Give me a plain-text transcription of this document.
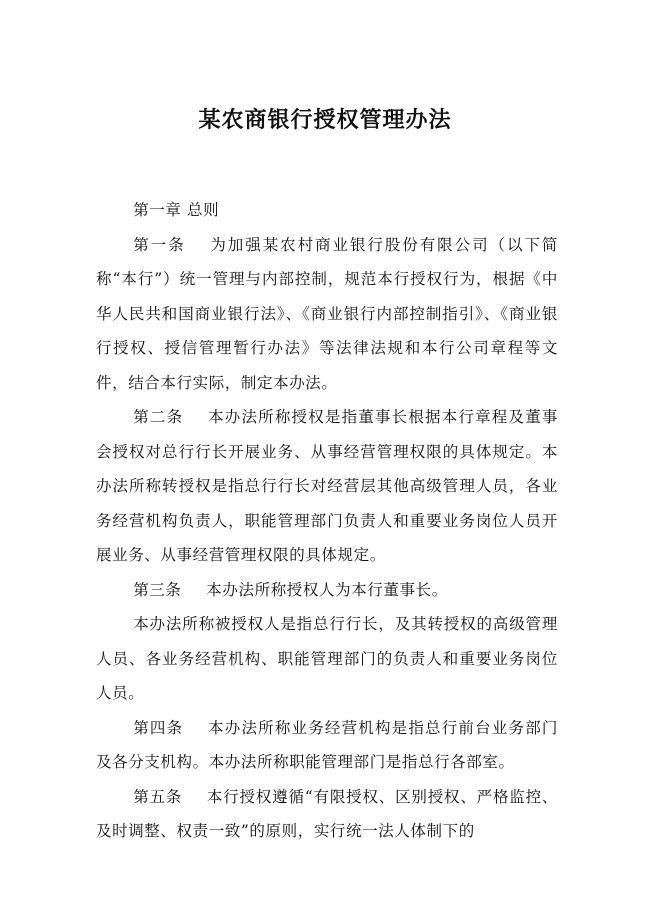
某农商银行授权管理办法

第一章 总则

第一条 为加强某农村商业银行股份有限公司（以下简称“本行”）统一管理与内部控制，规范本行授权行为，根据《中华人民共和国商业银行法》、《商业银行内部控制指引》、《商业银行授权、授信管理暂行办法》等法律法规和本行公司章程等文件，结合本行实际，制定本办法。

第二条 本办法所称授权是指董事长根据本行章程及董事会授权对总行行长开展业务、从事经营管理权限的具体规定。本办法所称转授权是指总行行长对经营层其他高级管理人员，各业务经营机构负责人，职能管理部门负责人和重要业务岗位人员开展业务、从事经营管理权限的具体规定。

第三条 本办法所称授权人为本行董事长。

本办法所称被授权人是指总行行长，及其转授权的高级管理人员、各业务经营机构、职能管理部门的负责人和重要业务岗位人员。

第四条 本办法所称业务经营机构是指总行前台业务部门及各分支机构。本办法所称职能管理部门是指总行各部室。

第五条 本行授权遵循“有限授权、区别授权、严格监控、及时调整、权责一致”的原则，实行统一法人体制下的
